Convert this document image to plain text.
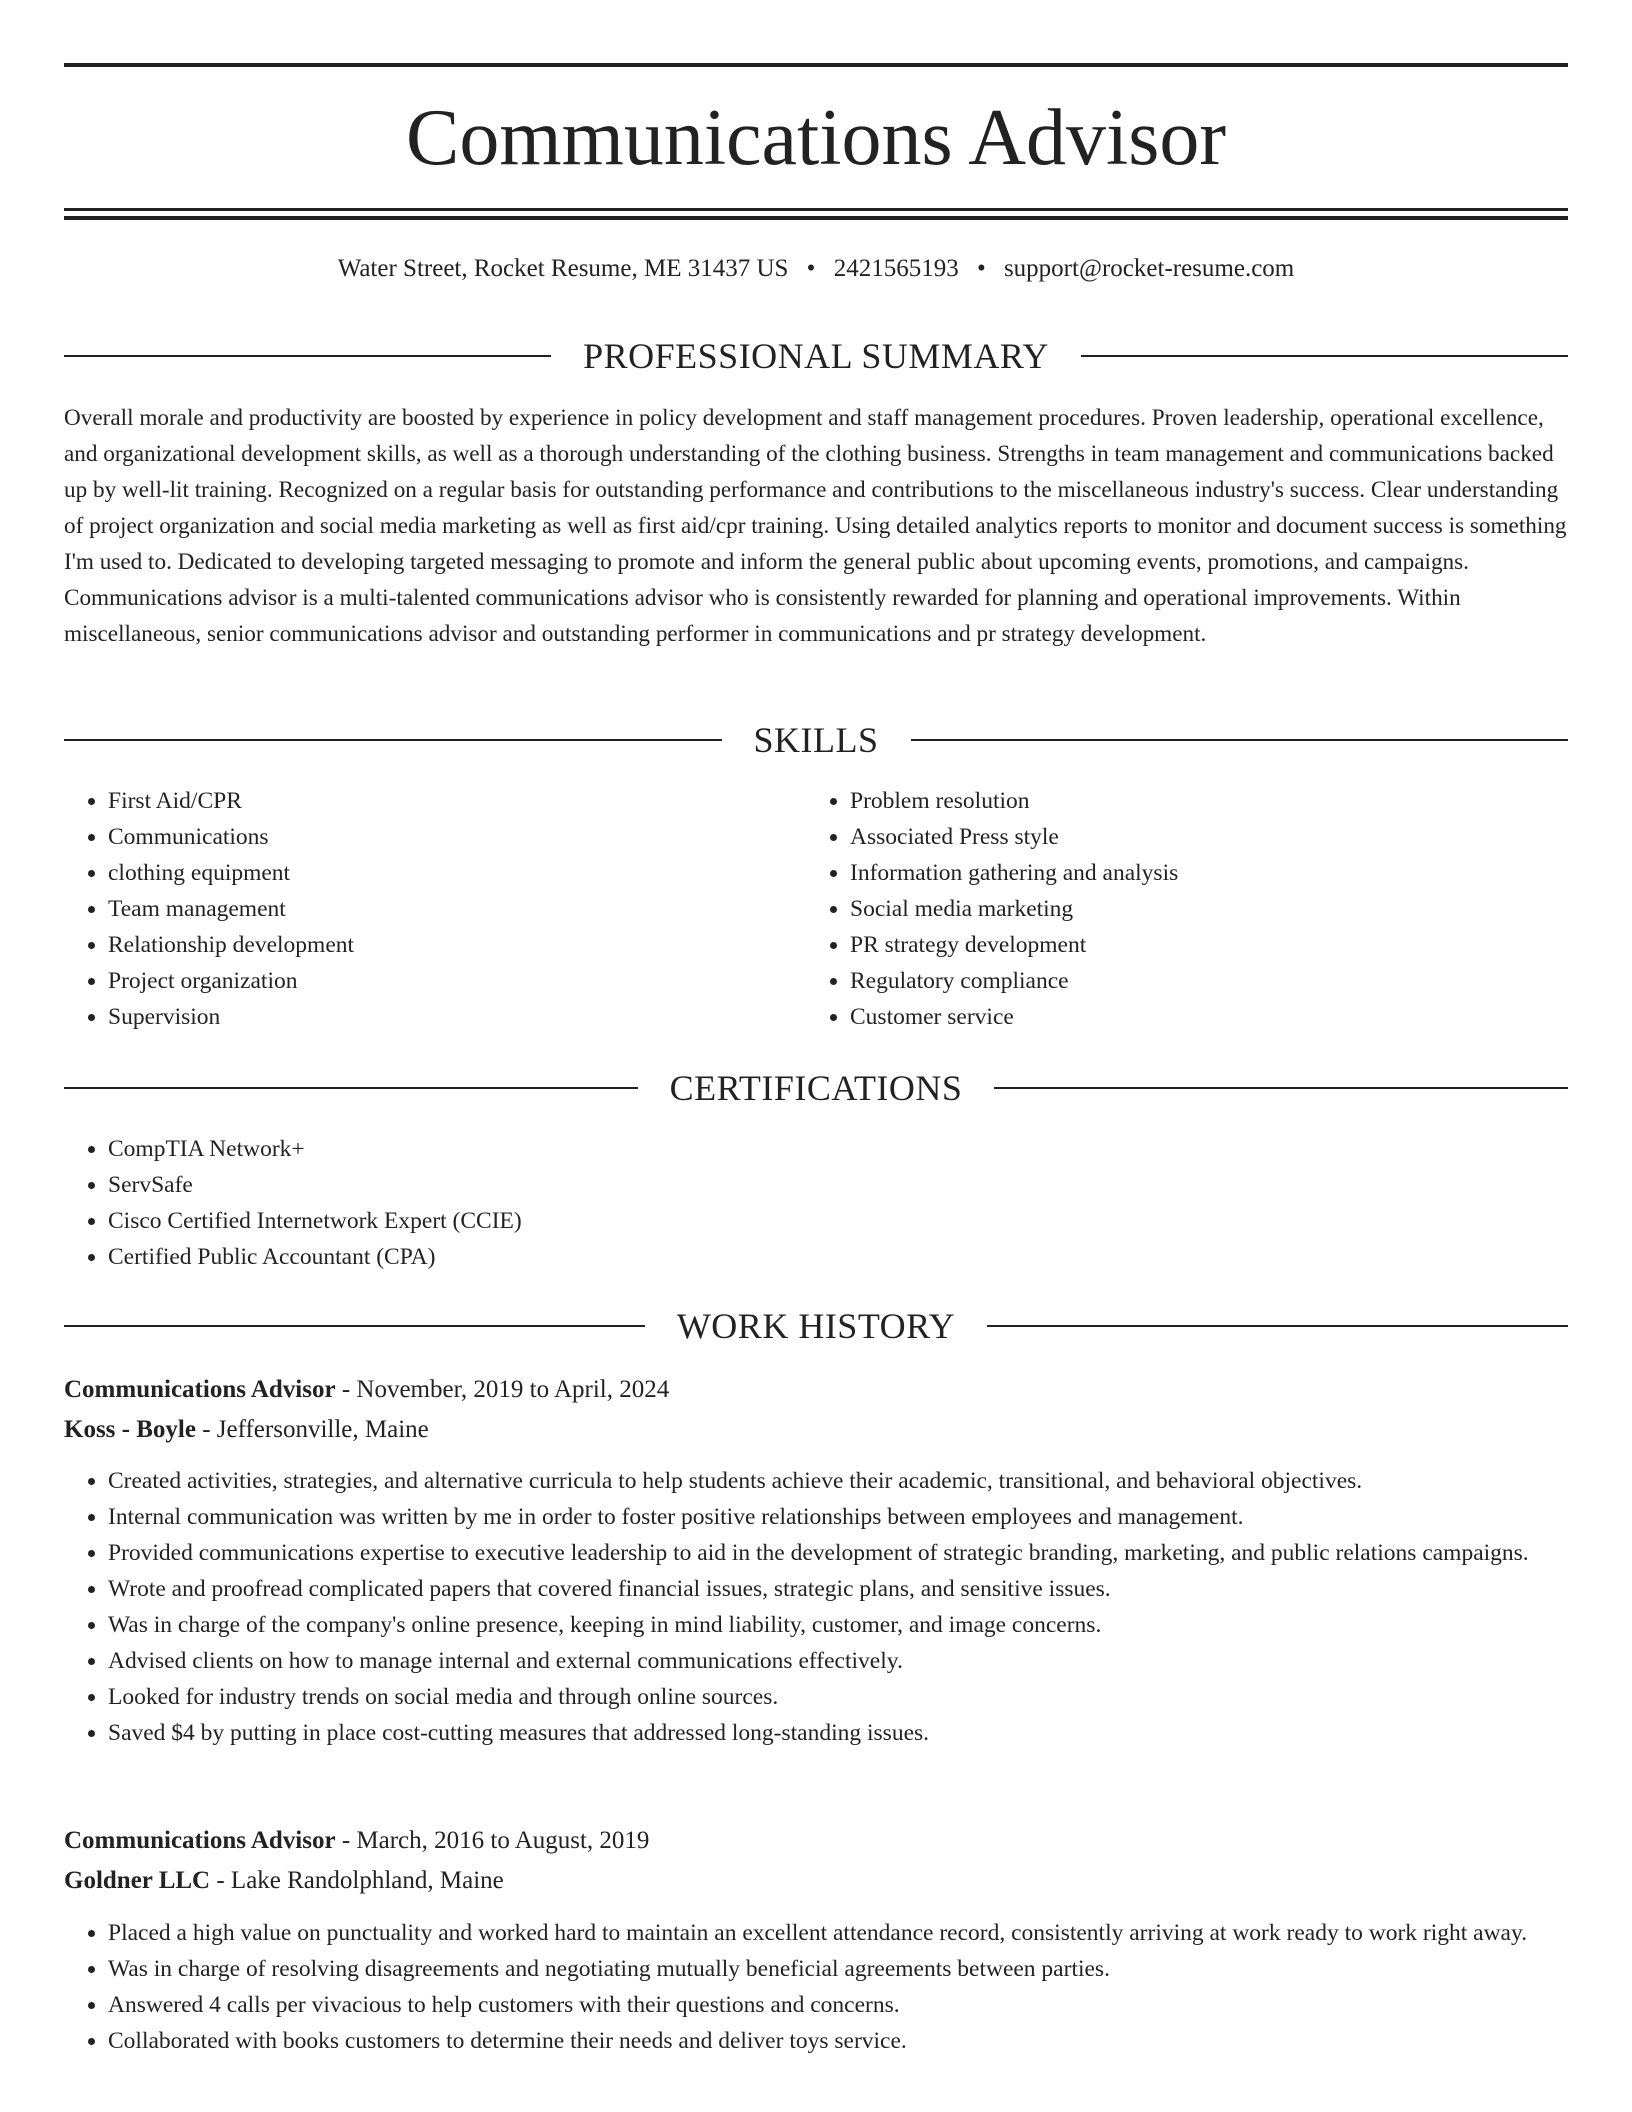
Communications Advisor
Water Street, Rocket Resume, ME 31437 US • 2421565193 • support@rocket-resume.com
PROFESSIONAL SUMMARY

Overall morale and productivity are boosted by experience in policy development and staff management procedures. Proven leadership, operational excellence, and organizational development skills, as well as a thorough understanding of the clothing business. Strengths in team management and communications backed up by well-lit training. Recognized on a regular basis for outstanding performance and contributions to the miscellaneous industry's success. Clear understanding of project organization and social media marketing as well as first aid/cpr training. Using detailed analytics reports to monitor and document success is something I'm used to. Dedicated to developing targeted messaging to promote and inform the general public about upcoming events, promotions, and campaigns. Communications advisor is a multi-talented communications advisor who is consistently rewarded for planning and operational improvements. Within miscellaneous, senior communications advisor and outstanding performer in communications and pr strategy development.

SKILLS
• First Aid/CPR
• Communications
• clothing equipment
• Team management
• Relationship development
• Project organization
• Supervision
• Problem resolution
• Associated Press style
• Information gathering and analysis
• Social media marketing
• PR strategy development
• Regulatory compliance
• Customer service
CERTIFICATIONS
• CompTIA Network+
• ServSafe
• Cisco Certified Internetwork Expert (CCIE)
• Certified Public Accountant (CPA)
WORK HISTORY
Communications Advisor - November, 2019 to April, 2024
Koss - Boyle - Jeffersonville, Maine
• Created activities, strategies, and alternative curricula to help students achieve their academic, transitional, and behavioral objectives.
• Internal communication was written by me in order to foster positive relationships between employees and management.
• Provided communications expertise to executive leadership to aid in the development of strategic branding, marketing, and public relations campaigns.
• Wrote and proofread complicated papers that covered financial issues, strategic plans, and sensitive issues.
• Was in charge of the company's online presence, keeping in mind liability, customer, and image concerns.
• Advised clients on how to manage internal and external communications effectively.
• Looked for industry trends on social media and through online sources.
• Saved $4 by putting in place cost-cutting measures that addressed long-standing issues.
Communications Advisor - March, 2016 to August, 2019
Goldner LLC - Lake Randolphland, Maine
• Placed a high value on punctuality and worked hard to maintain an excellent attendance record, consistently arriving at work ready to work right away.
• Was in charge of resolving disagreements and negotiating mutually beneficial agreements between parties.
• Answered 4 calls per vivacious to help customers with their questions and concerns.
• Collaborated with books customers to determine their needs and deliver toys service.
